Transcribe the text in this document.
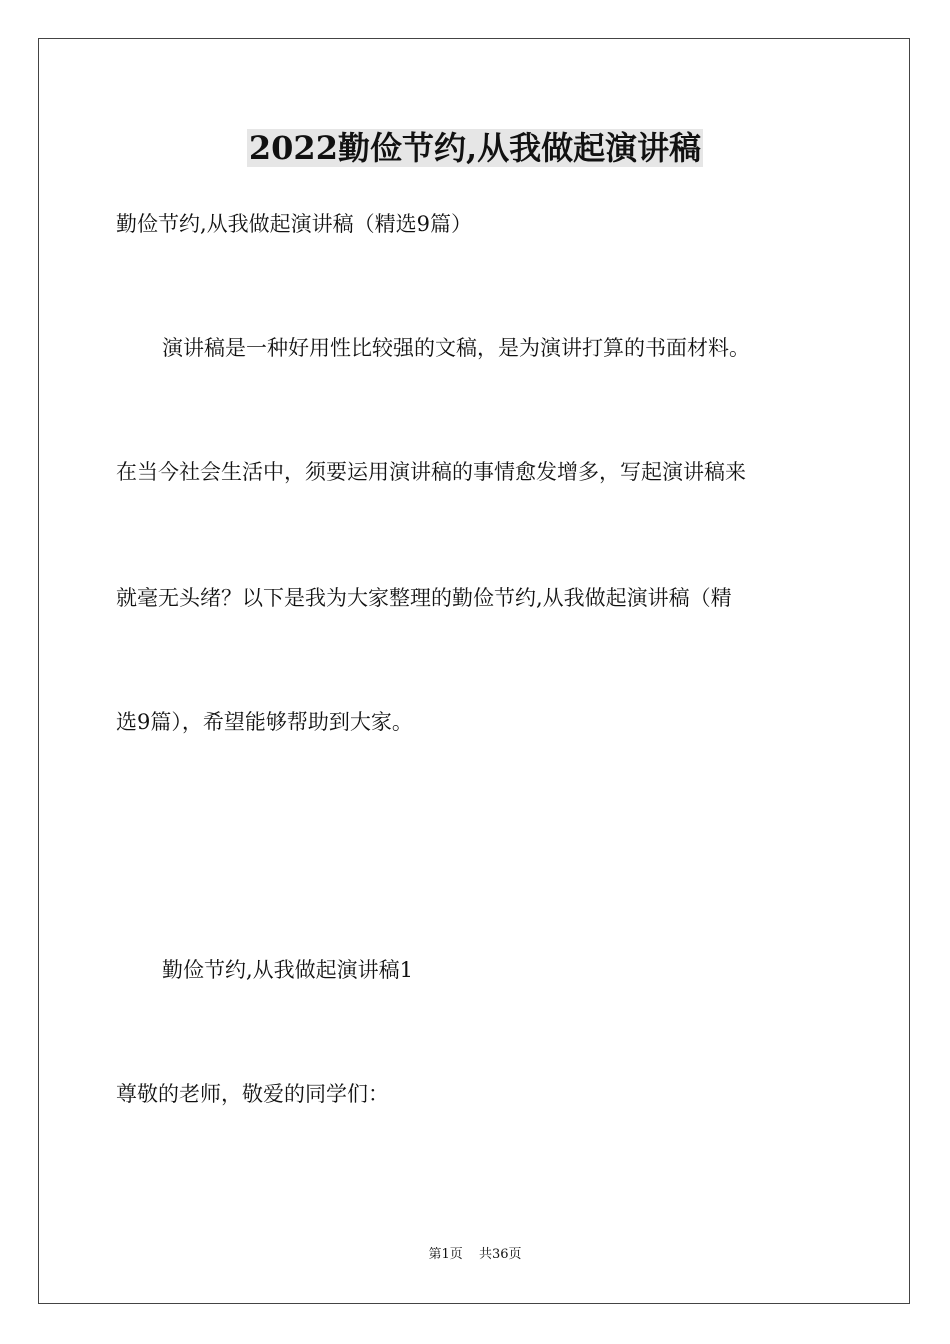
2022勤俭节约,从我做起演讲稿
勤俭节约,从我做起演讲稿（精选9篇）
演讲稿是一种好用性比较强的文稿，是为演讲打算的书面材料。
在当今社会生活中，须要运用演讲稿的事情愈发增多，写起演讲稿来
就毫无头绪？以下是我为大家整理的勤俭节约,从我做起演讲稿（精
选9篇），希望能够帮助到大家。
勤俭节约,从我做起演讲稿1
尊敬的老师，敬爱的同学们：
第1页 共36页
